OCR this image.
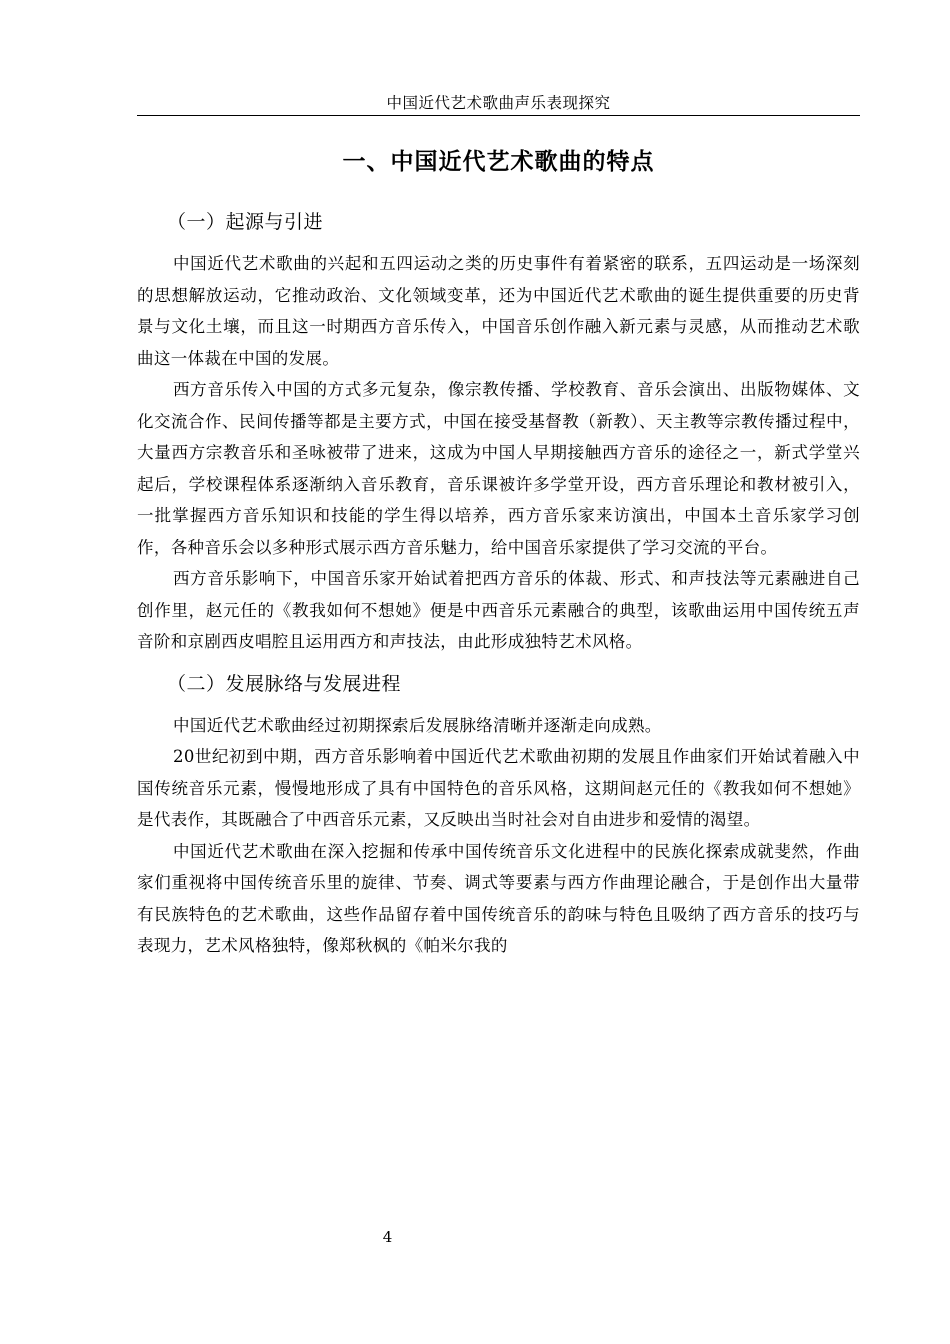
中国近代艺术歌曲声乐表现探究
一、中国近代艺术歌曲的特点
（一）起源与引进

中国近代艺术歌曲的兴起和五四运动之类的历史事件有着紧密的联系，五四运动是一场深刻的思想解放运动，它推动政治、文化领域变革，还为中国近代艺术歌曲的诞生提供重要的历史背景与文化土壤，而且这一时期西方音乐传入，中国音乐创作融入新元素与灵感，从而推动艺术歌曲这一体裁在中国的发展。

西方音乐传入中国的方式多元复杂，像宗教传播、学校教育、音乐会演出、出版物媒体、文化交流合作、民间传播等都是主要方式，中国在接受基督教（新教）、天主教等宗教传播过程中，大量西方宗教音乐和圣咏被带了进来，这成为中国人早期接触西方音乐的途径之一，新式学堂兴起后，学校课程体系逐渐纳入音乐教育，音乐课被许多学堂开设，西方音乐理论和教材被引入，一批掌握西方音乐知识和技能的学生得以培养，西方音乐家来访演出，中国本土音乐家学习创作，各种音乐会以多种形式展示西方音乐魅力，给中国音乐家提供了学习交流的平台。

西方音乐影响下，中国音乐家开始试着把西方音乐的体裁、形式、和声技法等元素融进自己创作里，赵元任的《教我如何不想她》便是中西音乐元素融合的典型，该歌曲运用中国传统五声音阶和京剧西皮唱腔且运用西方和声技法，由此形成独特艺术风格。

（二）发展脉络与发展进程

中国近代艺术歌曲经过初期探索后发展脉络清晰并逐渐走向成熟。

20世纪初到中期，西方音乐影响着中国近代艺术歌曲初期的发展且作曲家们开始试着融入中国传统音乐元素，慢慢地形成了具有中国特色的音乐风格，这期间赵元任的《教我如何不想她》是代表作，其既融合了中西音乐元素，又反映出当时社会对自由进步和爱情的渴望。

中国近代艺术歌曲在深入挖掘和传承中国传统音乐文化进程中的民族化探索成就斐然，作曲家们重视将中国传统音乐里的旋律、节奏、调式等要素与西方作曲理论融合，于是创作出大量带有民族特色的艺术歌曲，这些作品留存着中国传统音乐的韵味与特色且吸纳了西方音乐的技巧与表现力，艺术风格独特，像郑秋枫的《帕米尔我的

4
